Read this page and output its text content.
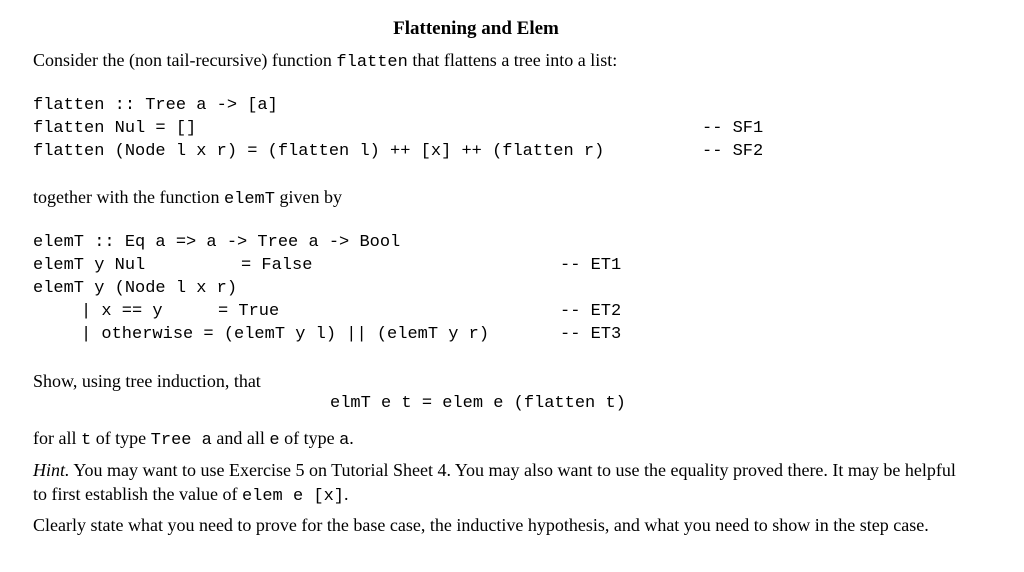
Flattening and Elem
Consider the (non tail-recursive) function flatten that flattens a tree into a list:
flatten :: Tree a -> [a]
flatten Nul = []	-- SF1
flatten (Node l x r) = (flatten l) ++ [x] ++ (flatten r)	-- SF2
together with the function elemT given by
elemT :: Eq a => a -> Tree a -> Bool
elemT y Nul	= False	-- ET1
elemT y (Node l x r)
| x == y	= True	-- ET2
| otherwise = (elemT y l) || (elemT y r)	-- ET3
Show, using tree induction, that
elmT e t = elem e (flatten t)
for all t of type Tree a and all e of type a.
Hint. You may want to use Exercise 5 on Tutorial Sheet 4. You may also want to use the equality proved there. It may be helpful to first establish the value of elem e [x].
Clearly state what you need to prove for the base case, the inductive hypothesis, and what you need to show in the step case.
